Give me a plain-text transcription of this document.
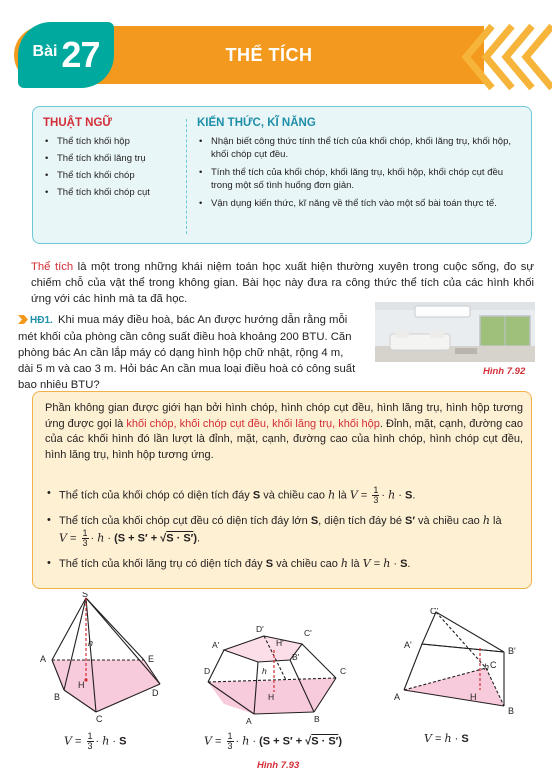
THỂ TÍCH
Bài 27
THUẬT NGỮ
• Thể tích khối hộp
• Thể tích khối lăng trụ
• Thể tích khối chóp
• Thể tích khối chóp cụt
KIẾN THỨC, KĨ NĂNG
• Nhận biết công thức tính thể tích của khối chóp, khối lăng trụ, khối hộp, khối chóp cụt đều.
• Tính thể tích của khối chóp, khối lăng trụ, khối hộp, khối chóp cụt đều trong một số tình huống đơn giản.
• Vận dụng kiến thức, kĩ năng về thể tích vào một số bài toán thực tế.

Thể tích là một trong những khái niệm toán học xuất hiện thường xuyên trong cuộc sống, đo sự chiếm chỗ của vật thể trong không gian. Bài học này đưa ra công thức thể tích của các hình khối ứng với các hình mà ta đã học.

HĐ1. Khi mua máy điều hoà, bác An được hướng dẫn rằng mỗi mét khối của phòng cần công suất điều hoà khoảng 200 BTU. Căn phòng bác An cần lắp máy có dạng hình hộp chữ nhật, rộng 4 m, dài 5 m và cao 3 m. Hỏi bác An cần mua loại điều hoà có công suất bao nhiêu BTU?

Hình 7.92

Phần không gian được giới hạn bởi hình chóp, hình chóp cụt đều, hình lăng trụ, hình hộp tương ứng được gọi là khối chóp, khối chóp cụt đều, khối lăng trụ, khối hộp. Đỉnh, mặt, cạnh, đường cao của các khối hình đó lần lượt là đỉnh, mặt, cạnh, đường cao của hình chóp, hình chóp cụt đều, hình lăng trụ, hình hộp tương ứng.

• Thể tích của khối chóp có diện tích đáy S và chiều cao h là $V = \frac{1}{3} \cdot h \cdot S$.
• Thể tích của khối chóp cụt đều có diện tích đáy lớn S, diện tích đáy bé S′ và chiều cao h là
$V = \frac{1}{3} \cdot h \cdot (S + S' + √S \cdot S')$.
• Thể tích của khối lăng trụ có diện tích đáy S và chiều cao h là V = h · S.
S
A	E
B
C
D
H
h
$V = \frac{1}{3} \cdot h \cdot S$
D'	C'
A'
B'
H'
D	C
A	B
H
h
$V = \frac{1}{3} \cdot h \cdot (S + S' + √S \cdot S')$
Hình 7.93
C'
A'
B'
A
B
C
H
h
V = h · S
